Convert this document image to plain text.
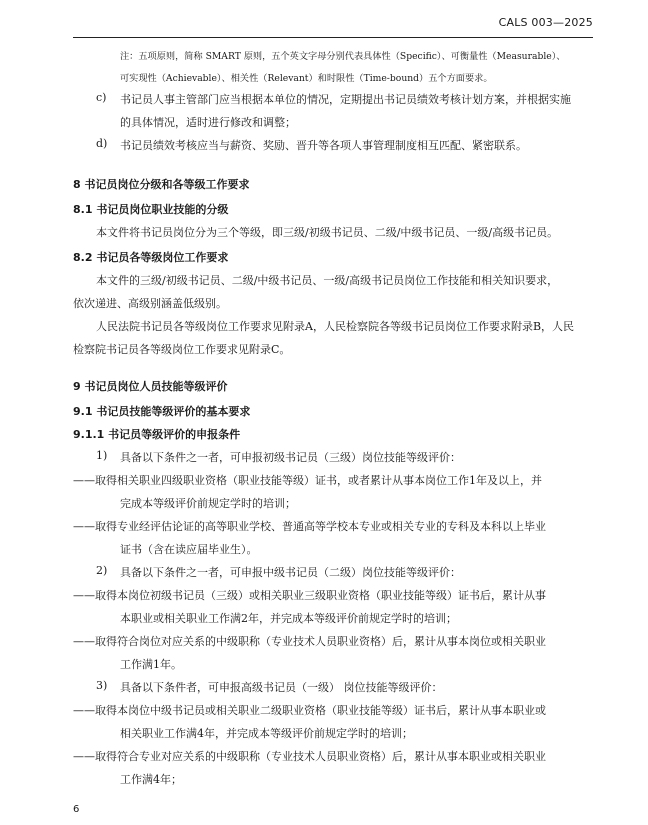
CALS 003—2025
注：五项原则，简称 SMART 原则，五个英文字母分别代表具体性（Specific）、可衡量性（Measurable）、
可实现性（Achievable）、相关性（Relevant）和时限性（Time-bound）五个方面要求。
c) 书记员人事主管部门应当根据本单位的情况，定期提出书记员绩效考核计划方案，并根据实施
的具体情况，适时进行修改和调整；
d) 书记员绩效考核应当与薪资、奖励、晋升等各项人事管理制度相互匹配、紧密联系。
8 书记员岗位分级和各等级工作要求
8.1 书记员岗位职业技能的分级
本文件将书记员岗位分为三个等级，即三级/初级书记员、二级/中级书记员、一级/高级书记员。
8.2 书记员各等级岗位工作要求
本文件的三级/初级书记员、二级/中级书记员、一级/高级书记员岗位工作技能和相关知识要求，
依次递进、高级别涵盖低级别。
人民法院书记员各等级岗位工作要求见附录A，人民检察院各等级书记员岗位工作要求附录B，人民
检察院书记员各等级岗位工作要求见附录C。
9 书记员岗位人员技能等级评价
9.1 书记员技能等级评价的基本要求
9.1.1 书记员等级评价的申报条件
1) 具备以下条件之一者，可申报初级书记员（三级）岗位技能等级评价：
——取得相关职业四级职业资格（职业技能等级）证书，或者累计从事本岗位工作1年及以上，并
完成本等级评价前规定学时的培训；
——取得专业经评估论证的高等职业学校、普通高等学校本专业或相关专业的专科及本科以上毕业
证书（含在读应届毕业生）。
2) 具备以下条件之一者，可申报中级书记员（二级）岗位技能等级评价：
——取得本岗位初级书记员（三级）或相关职业三级职业资格（职业技能等级）证书后，累计从事
本职业或相关职业工作满2年，并完成本等级评价前规定学时的培训；
——取得符合岗位对应关系的中级职称（专业技术人员职业资格）后，累计从事本岗位或相关职业
工作满1年。
3) 具备以下条件者，可申报高级书记员（一级） 岗位技能等级评价：
——取得本岗位中级书记员或相关职业二级职业资格（职业技能等级）证书后，累计从事本职业或
相关职业工作满4年，并完成本等级评价前规定学时的培训；
——取得符合专业对应关系的中级职称（专业技术人员职业资格）后，累计从事本职业或相关职业
工作满4年；
6
